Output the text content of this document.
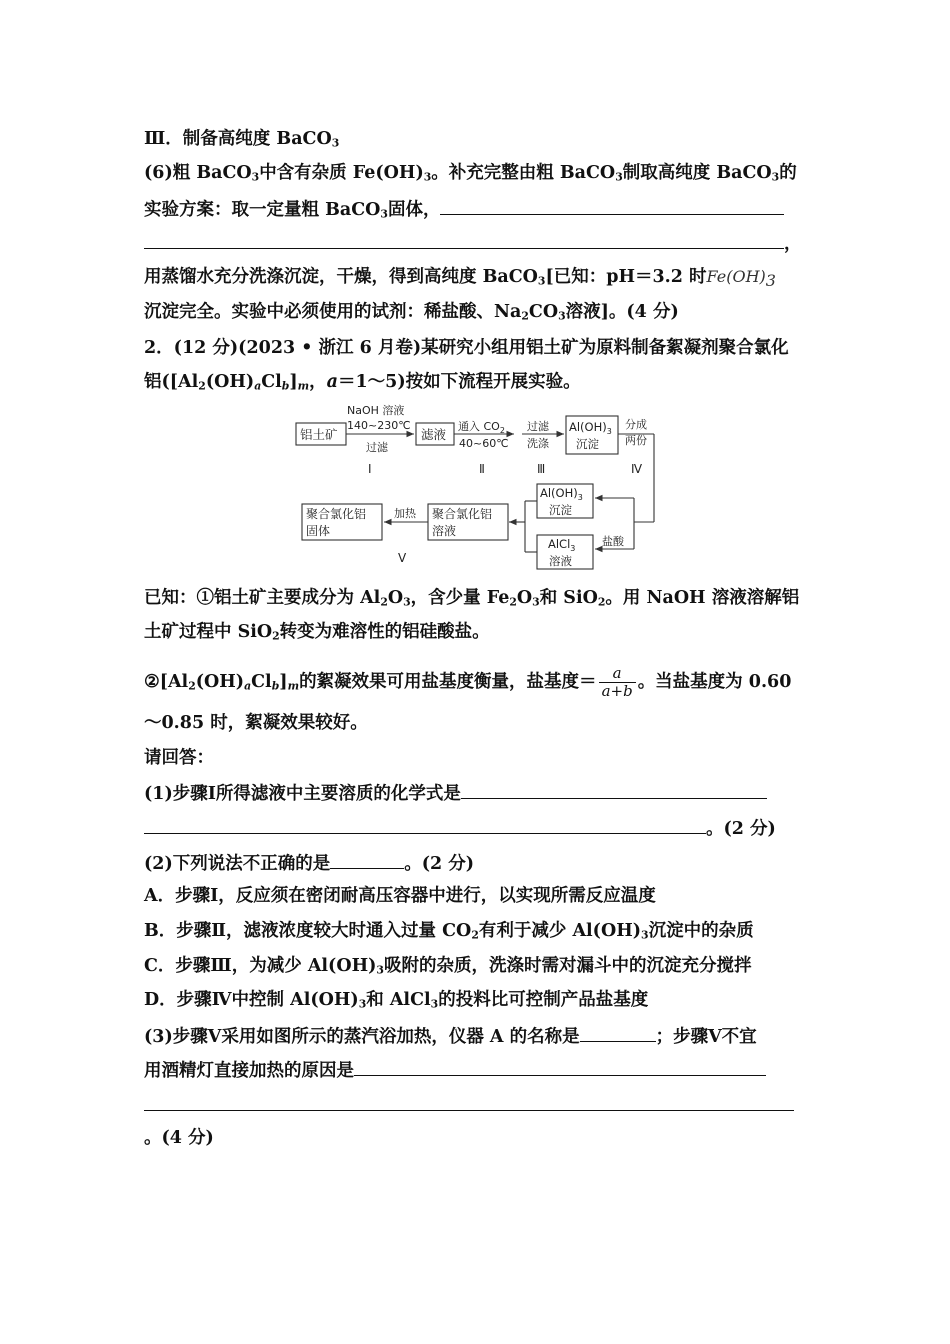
Ⅲ．制备高纯度 BaCO$_3$
(6)粗 BaCO$_3$中含有杂质 $Fe(OH)_3$。补充完整由粗 BaCO$_3$制取高纯度 BaCO$_3$的
实验方案：取一定量粗 BaCO$_3$固体，
，
用蒸馏水充分洗涤沉淀，干燥，得到高纯度 BaCO$_3$[已知：pH＝3.2 时$Fe(OH)_3$
沉淀完全。实验中必须使用的试剂：稀盐酸、$Na_2CO_3$溶液]。(4 分)
2．(12 分)(2023 • 浙江 6 月卷)某研究小组用铝土矿为原料制备絮凝剂聚合氯化
铝($[Al_2(OH)_aCl_b]_m$，a＝1～5)按如下流程开展实验。
铝土矿
NaOH 溶液
140~230℃
过滤
Ⅰ
滤液
通入 $CO_2$
40~60℃
Ⅱ
过滤
洗涤
Ⅲ
$Al(OH)_3$
沉淀
分成
两份
Ⅳ
$Al(OH)_3$
沉淀
AlCl$_3$
溶液
盐酸
聚合氯化铝
溶液
加热
Ⅴ
聚合氯化铝
固体
已知：①铝土矿主要成分为 $Al_2O_3$，含少量 $Fe_2O_3$和 SiO$_2$。用 NaOH 溶液溶解铝
土矿过程中 SiO$_2$转变为难溶性的铝硅酸盐。
$②[Al_2(OH)_aCl_b]_m$的絮凝效果可用盐基度衡量，盐基度＝ $\frac{a}{a+b}$ 。当盐基度为 0.60
～0.85 时，絮凝效果较好。
请回答：
(1)步骤Ⅰ所得滤液中主要溶质的化学式是
。(2 分)
(2)下列说法不正确的是	。(2 分)
A．步骤Ⅰ，反应须在密闭耐高压容器中进行，以实现所需反应温度
B．步骤Ⅱ，滤液浓度较大时通入过量 $CO_2$有利于减少 $Al(OH)_3$沉淀中的杂质
C．步骤Ⅲ，为减少 $Al(OH)_3$吸附的杂质，洗涤时需对漏斗中的沉淀充分搅拌
D．步骤Ⅳ中控制 $Al(OH)_3$和 AlCl$_3$的投料比可控制产品盐基度
(3)步骤Ⅴ采用如图所示的蒸汽浴加热，仪器 A 的名称是	；步骤Ⅴ不宜
用酒精灯直接加热的原因是
。(4 分)
